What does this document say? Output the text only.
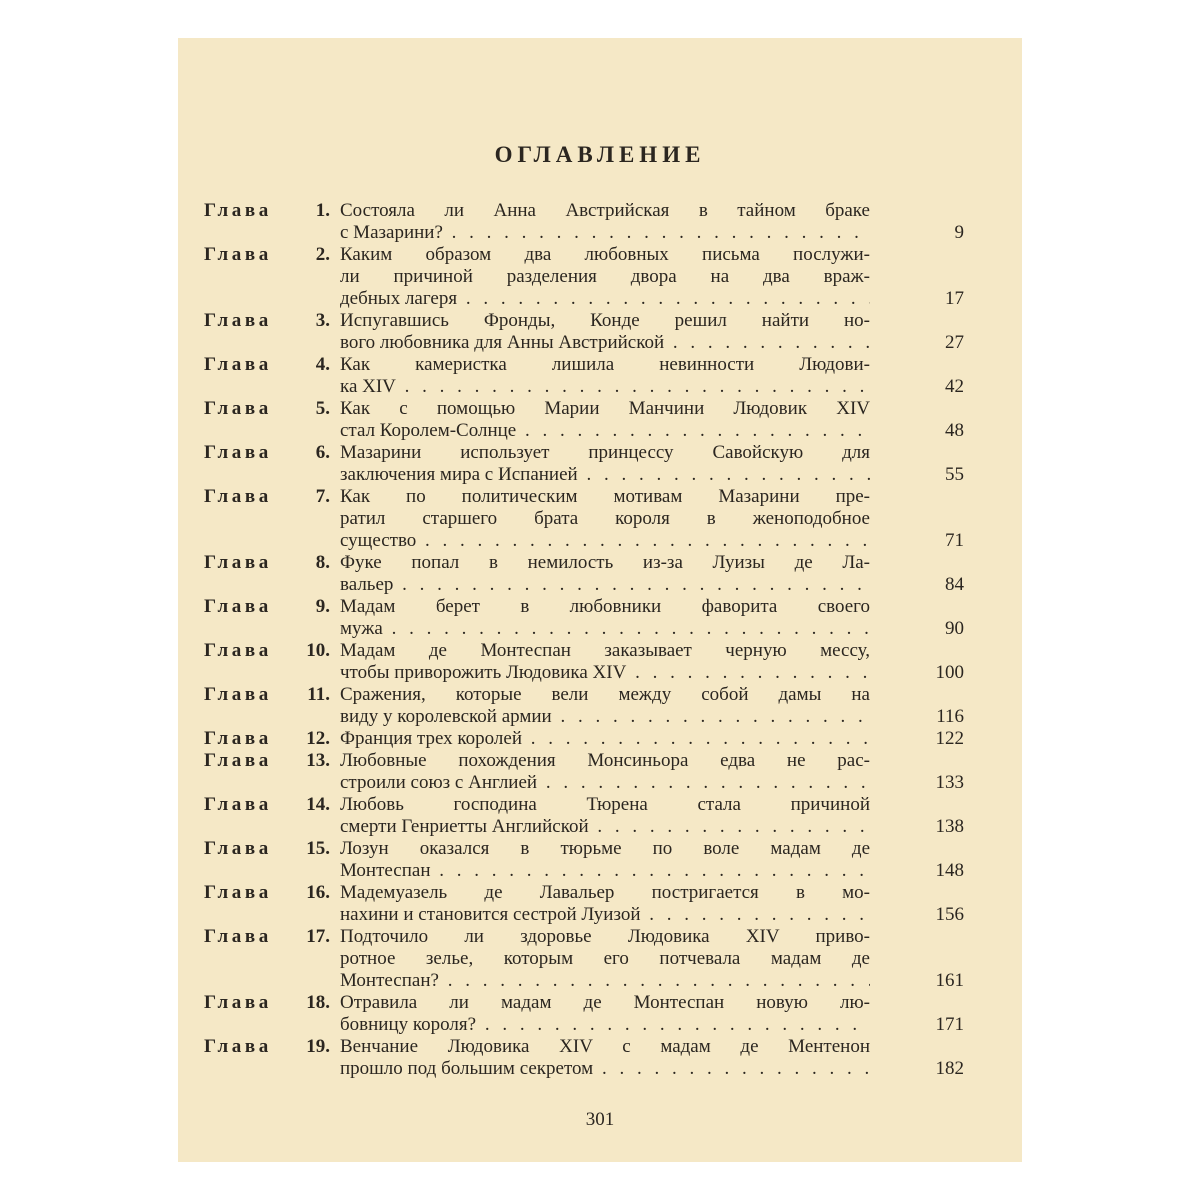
ОГЛАВЛЕНИЕ
Глава	1. Состояла ли Анна Австрийская в тайном браке
с Мазарини? . . .	9
Глава	2. Каким образом два любовных письма послужи-
ли причиной разделения двора на два враж-
дебных лагеря . . .	17
Глава	3. Испугавшись Фронды, Конде решил найти но-
вого любовника для Анны Австрийской . . .	27
Глава	4. Как камеристка лишила невинности Людови-
ка XIV . . .	42
Глава	5. Как с помощью Марии Манчини Людовик XIV
стал Королем-Солнце . . .	48
Глава	6. Мазарини использует принцессу Савойскую для
заключения мира с Испанией . . .	55
Глава	7. Как по политическим мотивам Мазарини пре-
ратил старшего брата короля в женоподобное
существо . . .	71
Глава	8. Фуке попал в немилость из-за Луизы де Ла-
вальер . . .	84
Глава	9. Мадам берет в любовники фаворита своего
мужа . . .	90
Глава	10. Мадам де Монтеспан заказывает черную мессу,
чтобы приворожить Людовика XIV . . .	100
Глава	11. Сражения, которые вели между собой дамы на
виду у королевской армии . . .	116
Глава	12. Франция трех королей . . .	122
Глава	13. Любовные похождения Монсиньора едва не рас-
строили союз с Англией . . .	133
Глава	14. Любовь господина Тюрена стала причиной
смерти Генриетты Английской . . .	138
Глава	15. Лозун оказался в тюрьме по воле мадам де
Монтеспан . . .	148
Глава	16. Мадемуазель де Лавальер постригается в мо-
нахини и становится сестрой Луизой . . .	156
Глава	17. Подточило ли здоровье Людовика XIV приво-
ротное зелье, которым его потчевала мадам де
Монтеспан? . . .	161
Глава	18. Отравила ли мадам де Монтеспан новую лю-
бовницу короля? . . .	171
Глава	19. Венчание Людовика XIV с мадам де Ментенон
прошло под большим секретом . . .	182
301
